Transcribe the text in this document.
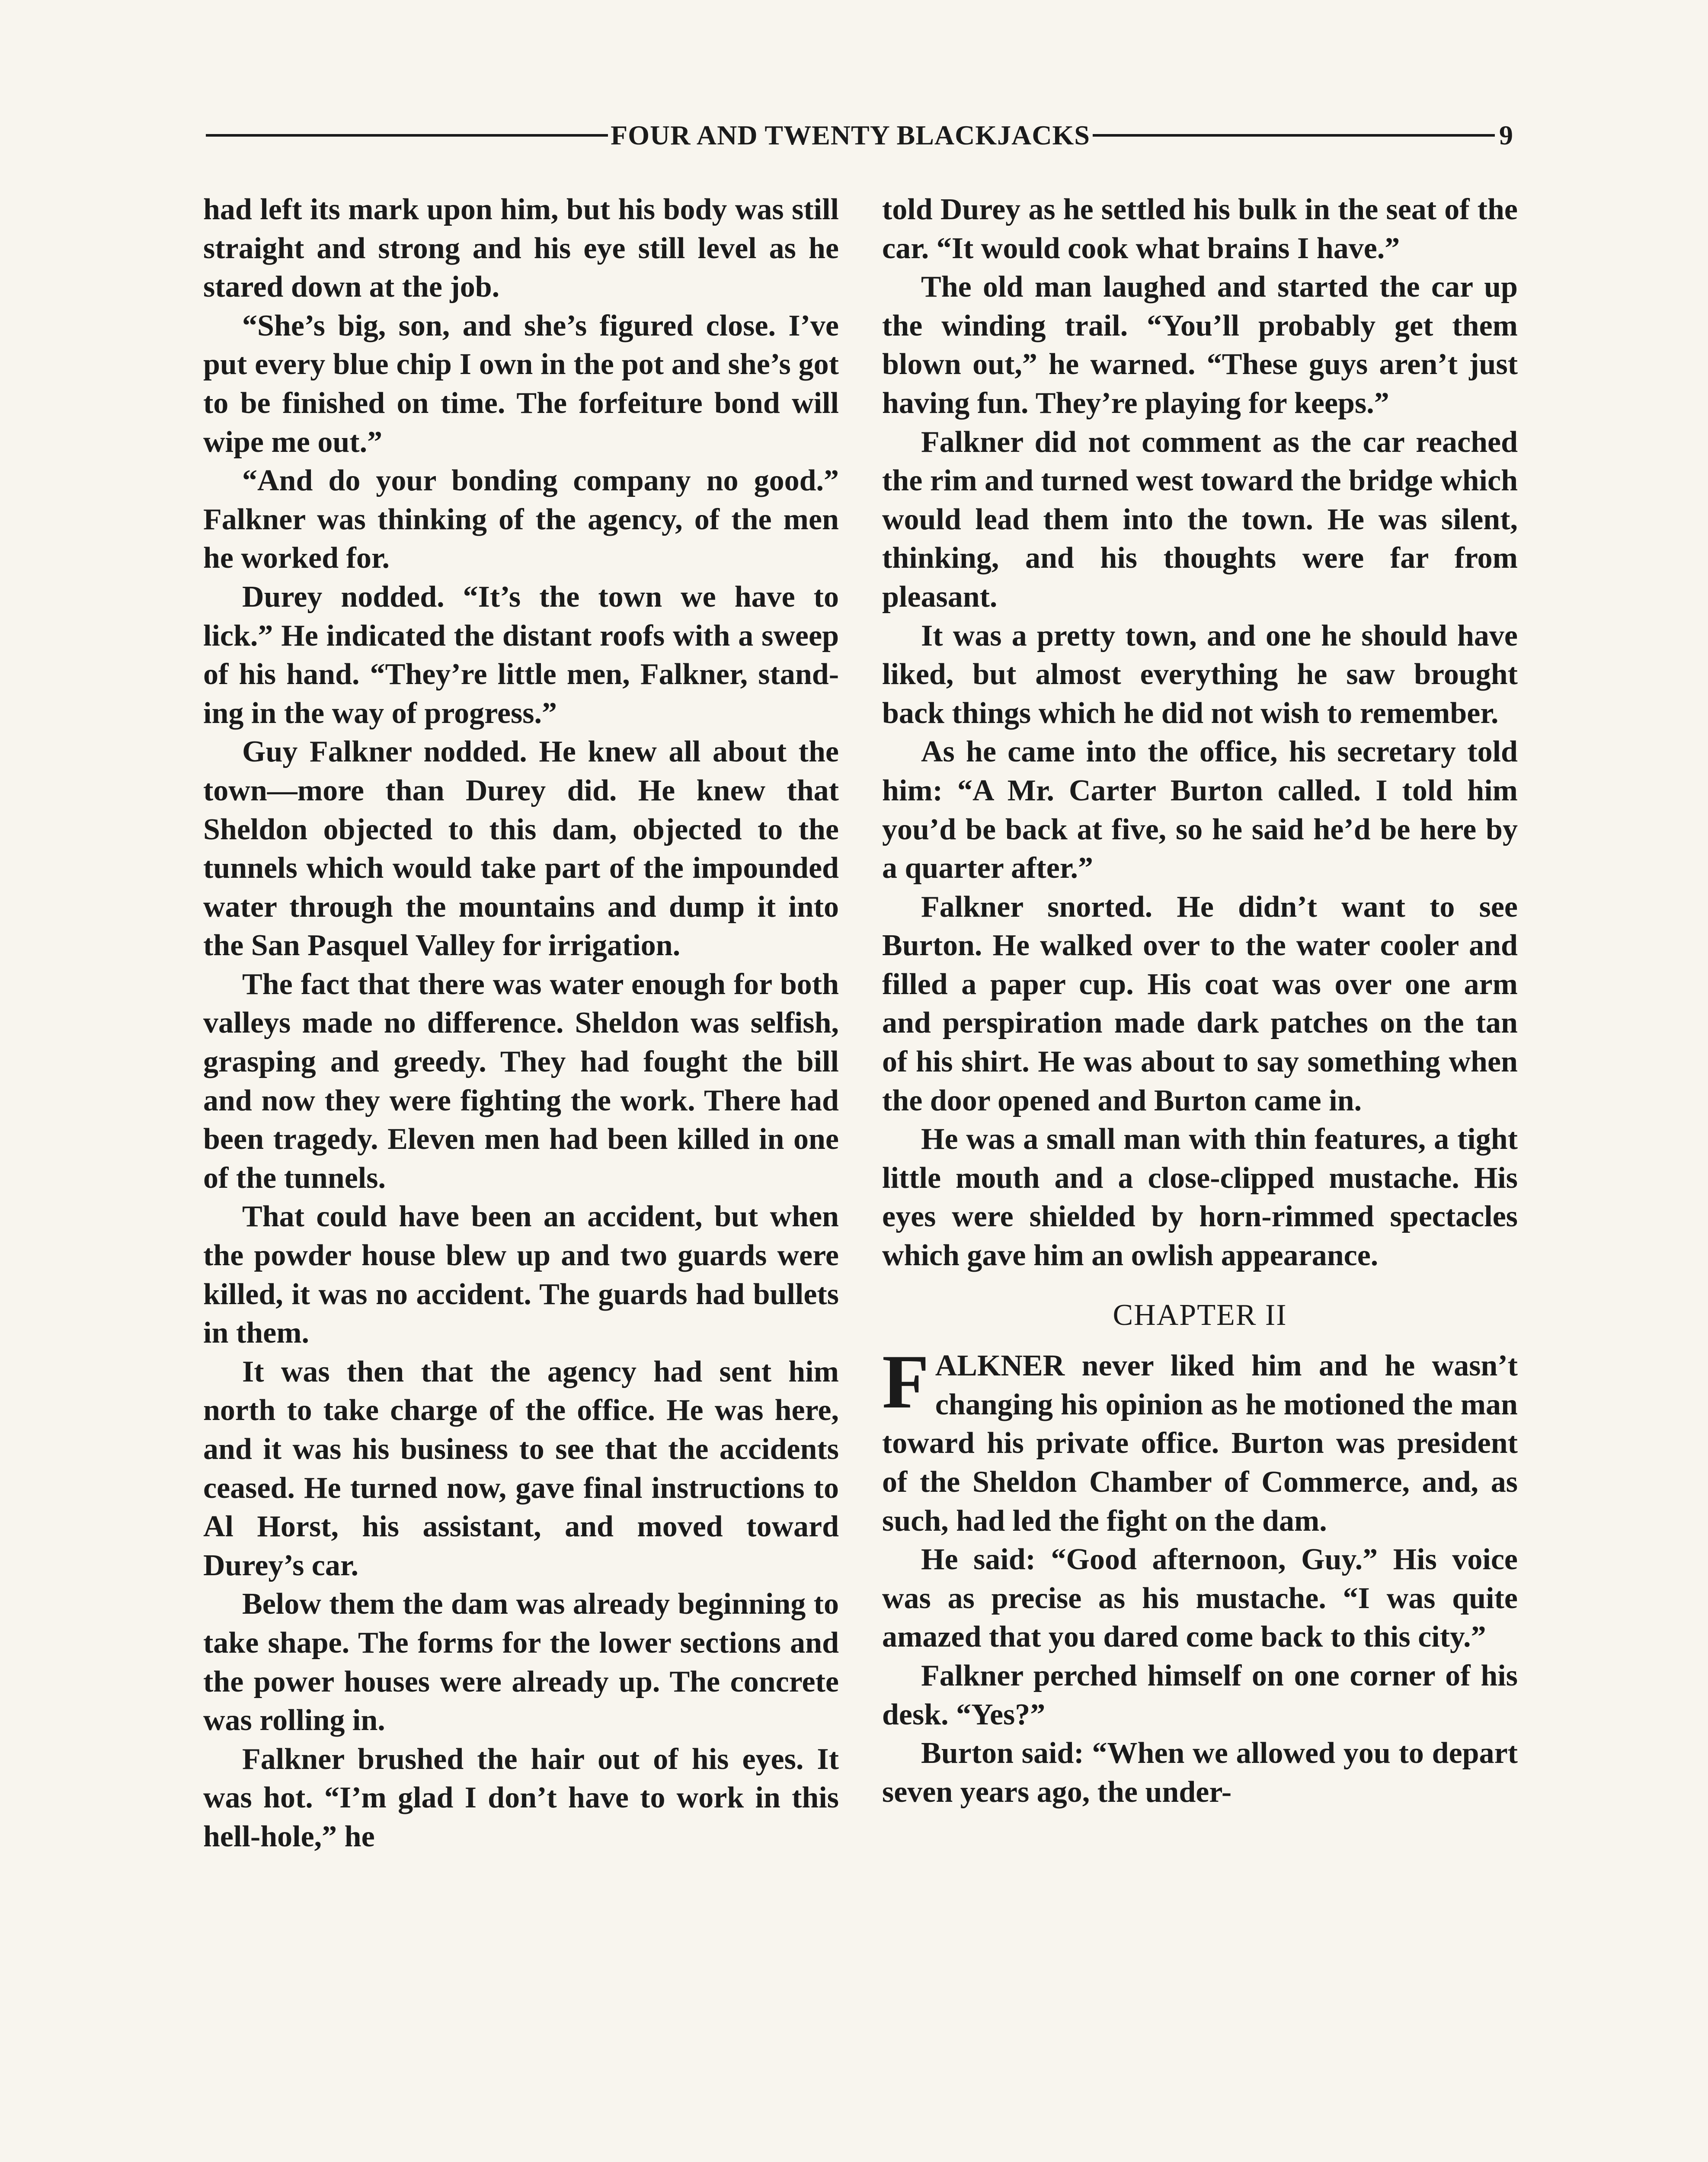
FOUR AND TWENTY BLACKJACKS	9

had left its mark upon him, but his body was still straight and strong and his eye still level as he stared down at the job.

“She’s big, son, and she’s figured close. I’ve put every blue chip I own in the pot and she’s got to be finished on time. The forfeiture bond will wipe me out.”

“And do your bonding company no good.” Falkner was thinking of the agency, of the men he worked for.

Durey nodded. “It’s the town we have to lick.” He indicated the distant roofs with a sweep of his hand. “They’re little men, Falkner, standing in the way of progress.”

Guy Falkner nodded. He knew all about the town—more than Durey did. He knew that Sheldon objected to this dam, objected to the tunnels which would take part of the impounded water through the mountains and dump it into the San Pasquel Valley for irrigation.

The fact that there was water enough for both valleys made no difference. Sheldon was selfish, grasping and greedy. They had fought the bill and now they were fighting the work. There had been tragedy. Eleven men had been killed in one of the tunnels.

That could have been an accident, but when the powder house blew up and two guards were killed, it was no accident. The guards had bullets in them.

It was then that the agency had sent him north to take charge of the office. He was here, and it was his business to see that the accidents ceased. He turned now, gave final instructions to Al Horst, his assistant, and moved toward Durey’s car.

Below them the dam was already beginning to take shape. The forms for the lower sections and the power houses were already up. The concrete was rolling in.

Falkner brushed the hair out of his eyes. It was hot. “I’m glad I don’t have to work in this hell-hole,” he

told Durey as he settled his bulk in the seat of the car. “It would cook what brains I have.”

The old man laughed and started the car up the winding trail. “You’ll probably get them blown out,” he warned. “These guys aren’t just having fun. They’re playing for keeps.”

Falkner did not comment as the car reached the rim and turned west toward the bridge which would lead them into the town. He was silent, thinking, and his thoughts were far from pleasant.

It was a pretty town, and one he should have liked, but almost everything he saw brought back things which he did not wish to remember.

As he came into the office, his secretary told him: “A Mr. Carter Burton called. I told him you’d be back at five, so he said he’d be here by a quarter after.”

Falkner snorted. He didn’t want to see Burton. He walked over to the water cooler and filled a paper cup. His coat was over one arm and perspiration made dark patches on the tan of his shirt. He was about to say something when the door opened and Burton came in.

He was a small man with thin features, a tight little mouth and a close-clipped mustache. His eyes were shielded by horn-rimmed spectacles which gave him an owlish appearance.

CHAPTER II

FALKNER never liked him and he wasn’t changing his opinion as he motioned the man toward his private office. Burton was president of the Sheldon Chamber of Commerce, and, as such, had led the fight on the dam.

He said: “Good afternoon, Guy.” His voice was as precise as his mustache. “I was quite amazed that you dared come back to this city.”

Falkner perched himself on one corner of his desk. “Yes?”

Burton said: “When we allowed you to depart seven years ago, the under-
